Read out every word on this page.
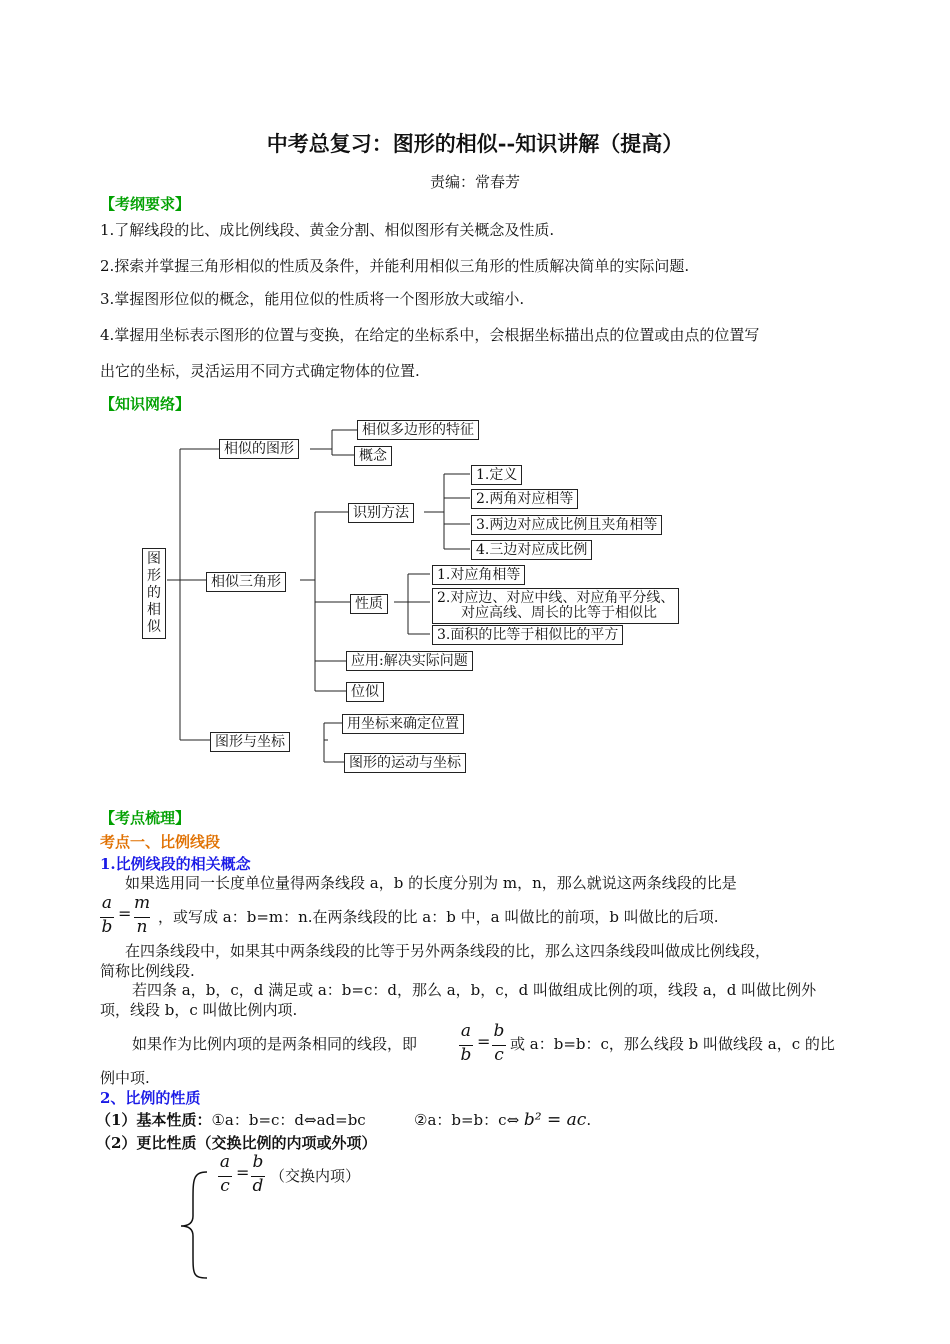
中考总复习：图形的相似--知识讲解（提高）
责编：常春芳
【考纲要求】
1.了解线段的比、成比例线段、黄金分割、相似图形有关概念及性质.
2.探索并掌握三角形相似的性质及条件，并能利用相似三角形的性质解决简单的实际问题.
3.掌握图形位似的概念，能用位似的性质将一个图形放大或缩小.
4.掌握用坐标表示图形的位置与变换，在给定的坐标系中，会根据坐标描出点的位置或由点的位置写
出它的坐标，灵活运用不同方式确定物体的位置.
【知识网络】
图形的相似
相似的图形
相似多边形的特征
概念
相似三角形
识别方法
1.定义
2.两角对应相等
3.两边对应成比例且夹角相等
4.三边对应成比例
性质
1.对应角相等
2.对应边、对应中线、对应角平分线、
对应高线、周长的比等于相似比
3.面积的比等于相似比的平方
应用:解决实际问题
位似
图形与坐标
用坐标来确定位置
图形的运动与坐标
【考点梳理】
考点一、比例线段
1.比例线段的相关概念
如果选用同一长度单位量得两条线段 a，b 的长度分别为 m，n，那么就说这两条线段的比是
a
b
=
m
n ，或写成 a：b=m：n.在两条线段的比 a：b 中，a 叫做比的前项，b 叫做比的后项.
在四条线段中，如果其中两条线段的比等于另外两条线段的比，那么这四条线段叫做成比例线段，
简称比例线段.
若四条 a，b，c，d 满足或 a：b=c：d，那么 a，b，c，d 叫做组成比例的项，线段 a，d 叫做比例外
项，线段 b，c 叫做比例内项.
如果作为比例内项的是两条相同的线段，即
a
b
=
b
c
或 a：b=b：c，那么线段 b 叫做线段 a，c 的比
例中项.
2、比例的性质
（1）基本性质：①a：b=c：d⇔ad=bc	②a：b=b：c⇔ b² = ac.
（2）更比性质（交换比例的内项或外项）
a
c
=
b
d （交换内项）
